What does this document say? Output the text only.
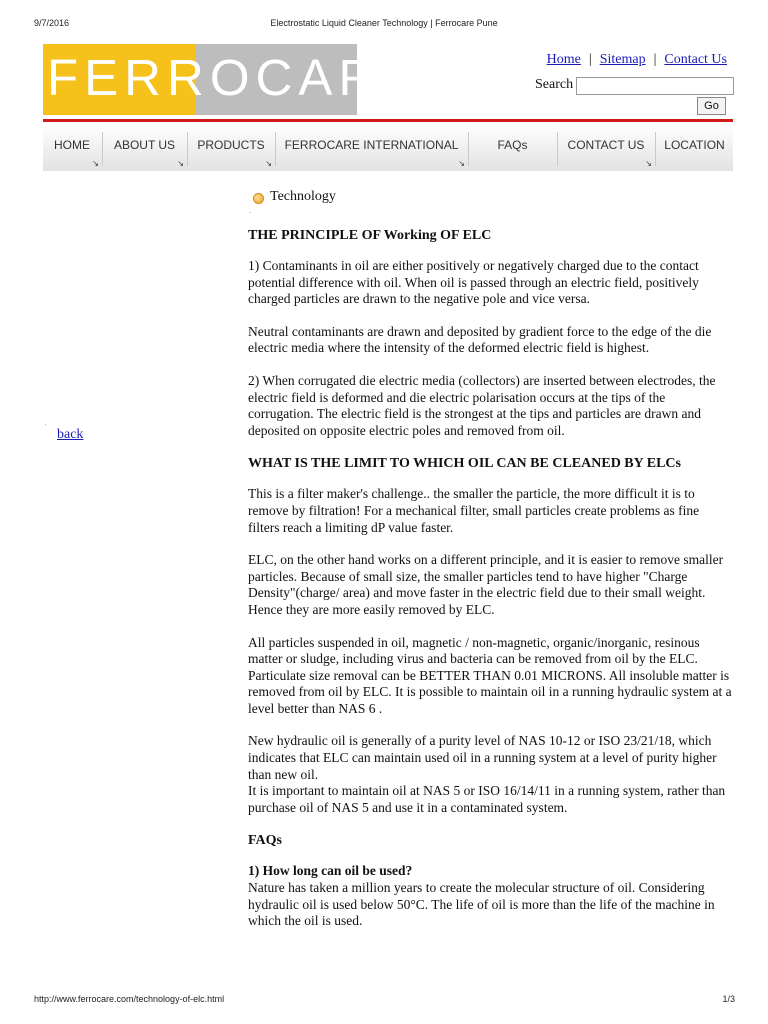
9/7/2016	Electrostatic Liquid Cleaner Technology | Ferrocare Pune
FERROCARE	Home | Sitemap | Contact Us
Search
Go
HOME
↘
ABOUT US
↘
PRODUCTS
↘
FERROCARE INTERNATIONAL
↘
FAQs	CONTACT US
↘
LOCATION
Technology
-
' back
THE PRINCIPLE OF Working OF ELC

1) Contaminants in oil are either positively or negatively charged due to the contact potential difference with oil. When oil is passed through an electric field, positively charged particles are drawn to the negative pole and vice versa.

Neutral contaminants are drawn and deposited by gradient force to the edge of the die electric media where the intensity of the deformed electric field is highest.

2) When corrugated die electric media (collectors) are inserted between electrodes, the electric field is deformed and die electric polarisation occurs at the tips of the corrugation. The electric field is the strongest at the tips and particles are drawn and deposited on opposite electric poles and removed from oil.

WHAT IS THE LIMIT TO WHICH OIL CAN BE CLEANED BY ELCs

This is a filter maker's challenge.. the smaller the particle, the more difficult it is to remove by filtration! For a mechanical filter, small particles create problems as fine filters reach a limiting dP value faster.

ELC, on the other hand works on a different principle, and it is easier to remove smaller particles. Because of small size, the smaller particles tend to have higher "Charge Density"(charge/ area) and move faster in the electric field due to their small weight. Hence they are more easily removed by ELC.

All particles suspended in oil, magnetic / non-magnetic, organic/inorganic, resinous matter or sludge, including virus and bacteria can be removed from oil by the ELC. Particulate size removal can be BETTER THAN 0.01 MICRONS. All insoluble matter is removed from oil by ELC. It is possible to maintain oil in a running hydraulic system at a level better than NAS 6 .

New hydraulic oil is generally of a purity level of NAS 10-12 or ISO 23/21/18, which indicates that ELC can maintain used oil in a running system at a level of purity higher than new oil.

It is important to maintain oil at NAS 5 or ISO 16/14/11 in a running system, rather than purchase oil of NAS 5 and use it in a contaminated system.

FAQs

1) How long can oil be used?
Nature has taken a million years to create the molecular structure of oil. Considering hydraulic oil is used below 50°C. The life of oil is more than the life of the machine in which the oil is used.

http://www.ferrocare.com/technology-of-elc.html	1/3
